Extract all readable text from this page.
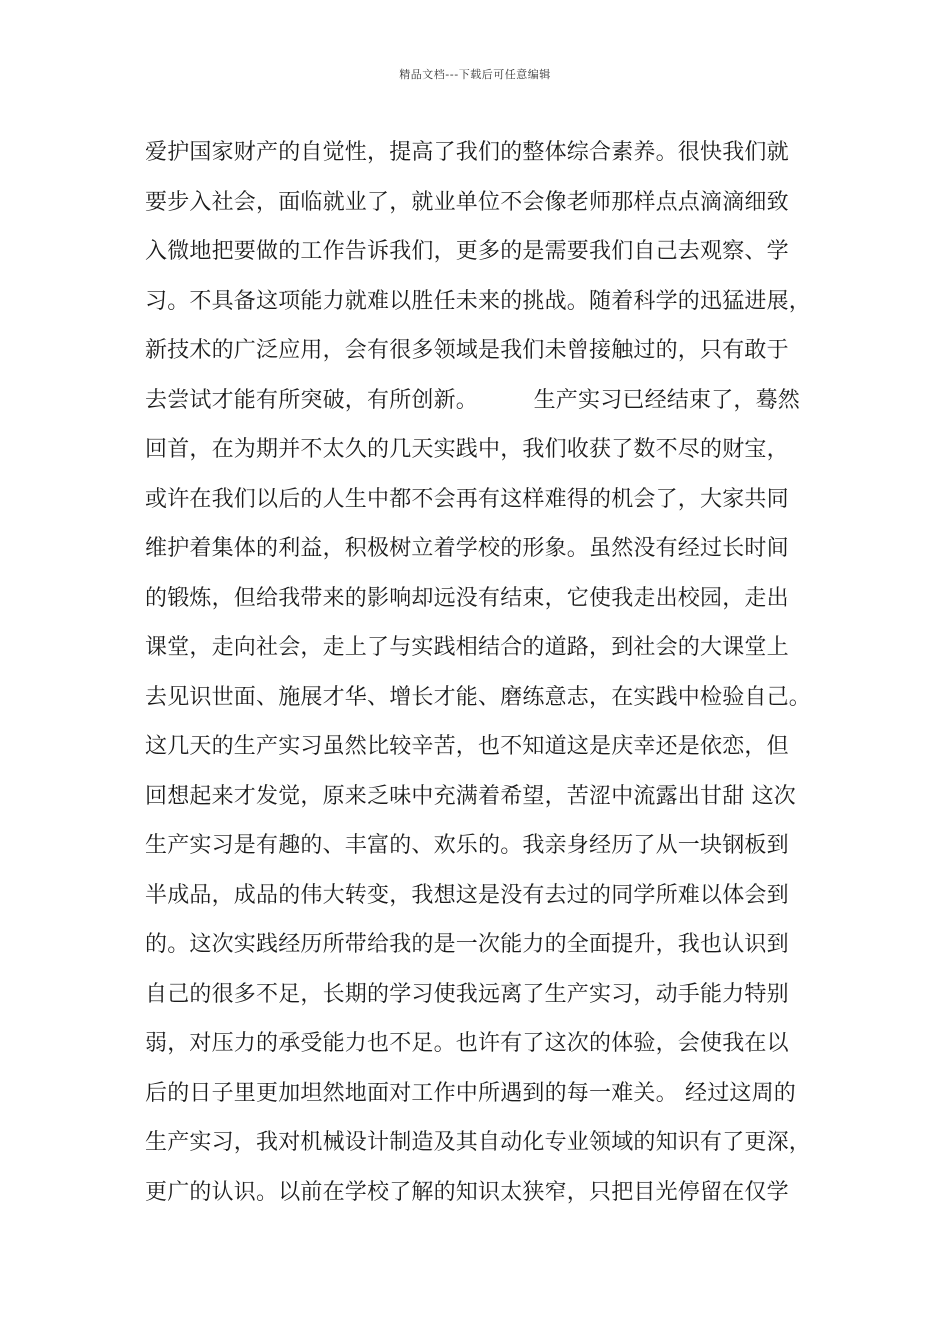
精品文档---下载后可任意编辑
爱护国家财产的自觉性，提高了我们的整体综合素养。很快我们就
要步入社会，面临就业了，就业单位不会像老师那样点点滴滴细致
入微地把要做的工作告诉我们，更多的是需要我们自己去观察、学
习。不具备这项能力就难以胜任未来的挑战。随着科学的迅猛进展，
新技术的广泛应用，会有很多领域是我们未曾接触过的，只有敢于
去尝试才能有所突破，有所创新。　　　生产实习已经结束了，蓦然
回首，在为期并不太久的几天实践中，我们收获了数不尽的财宝，
或许在我们以后的人生中都不会再有这样难得的机会了，大家共同
维护着集体的利益，积极树立着学校的形象。虽然没有经过长时间
的锻炼，但给我带来的影响却远没有结束，它使我走出校园，走出
课堂，走向社会，走上了与实践相结合的道路，到社会的大课堂上
去见识世面、施展才华、增长才能、磨练意志，在实践中检验自己。
这几天的生产实习虽然比较辛苦，也不知道这是庆幸还是依恋，但
回想起来才发觉，原来乏味中充满着希望，苦涩中流露出甘甜 这次
生产实习是有趣的、丰富的、欢乐的。我亲身经历了从一块钢板到
半成品，成品的伟大转变，我想这是没有去过的同学所难以体会到
的。这次实践经历所带给我的是一次能力的全面提升，我也认识到
自己的很多不足，长期的学习使我远离了生产实习，动手能力特别
弱，对压力的承受能力也不足。也许有了这次的体验，会使我在以
后的日子里更加坦然地面对工作中所遇到的每一难关。 经过这周的
生产实习，我对机械设计制造及其自动化专业领域的知识有了更深，
更广的认识。以前在学校了解的知识太狭窄，只把目光停留在仅学
